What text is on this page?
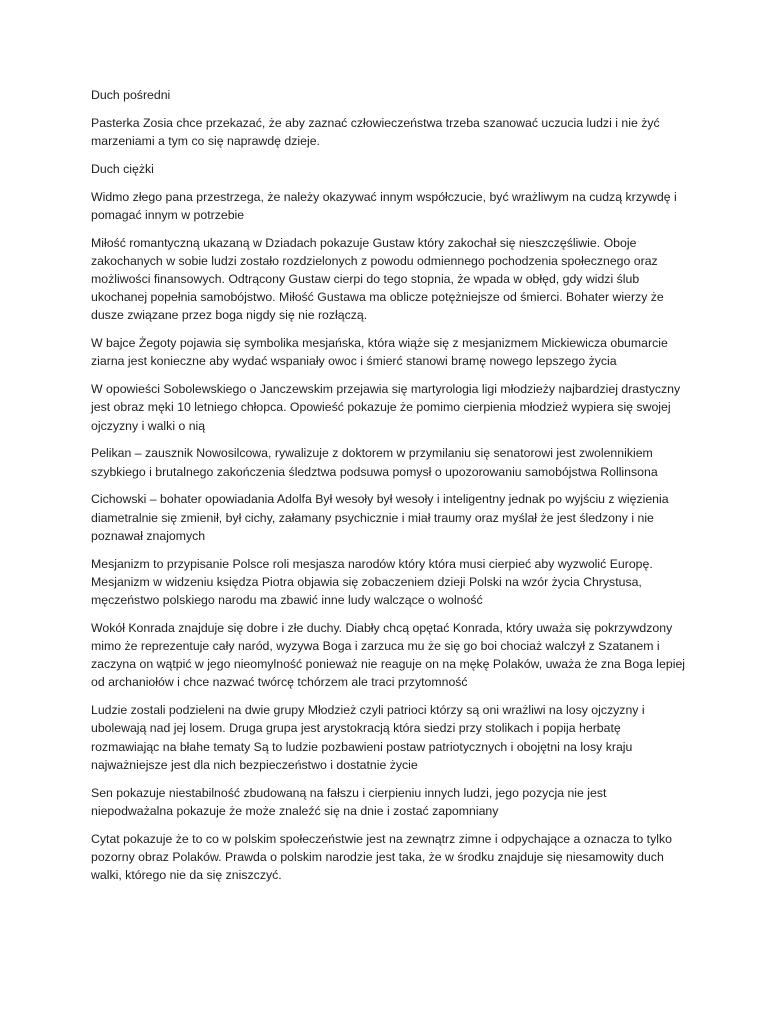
Duch pośredni

Pasterka Zosia chce przekazać, że aby zaznać człowieczeństwa trzeba szanować uczucia ludzi i nie żyć marzeniami a tym co się naprawdę dzieje.

Duch ciężki

Widmo złego pana przestrzega, że należy okazywać innym współczucie, być wrażliwym na cudzą krzywdę i pomagać innym w potrzebie

Miłość romantyczną ukazaną w Dziadach pokazuje Gustaw który zakochał się nieszczęśliwie. Oboje zakochanych w sobie ludzi zostało rozdzielonych z powodu odmiennego pochodzenia społecznego oraz możliwości finansowych. Odtrącony Gustaw cierpi do tego stopnia, że wpada w obłęd, gdy widzi ślub ukochanej popełnia samobójstwo. Miłość Gustawa ma oblicze potężniejsze od śmierci. Bohater wierzy że dusze związane przez boga nigdy się nie rozłączą.

W bajce Żegoty pojawia się symbolika mesjańska, która wiąże się z mesjanizmem Mickiewicza obumarcie ziarna jest konieczne aby wydać wspaniały owoc i śmierć stanowi bramę nowego lepszego życia

W opowieści Sobolewskiego o Janczewskim przejawia się martyrologia ligi młodzieży najbardziej drastyczny jest obraz męki 10 letniego chłopca. Opowieść pokazuje że pomimo cierpienia młodzież wypiera się swojej ojczyzny i walki o nią

Pelikan – zausznik Nowosilcowa, rywalizuje z doktorem w przymilaniu się senatorowi jest zwolennikiem szybkiego i brutalnego zakończenia śledztwa podsuwa pomysł o upozorowaniu samobójstwa Rollinsona

Cichowski – bohater opowiadania Adolfa Był wesoły był wesoły i inteligentny jednak po wyjściu z więzienia diametralnie się zmienił, był cichy, załamany psychicznie i miał traumy oraz myślał że jest śledzony i nie poznawał znajomych

Mesjanizm to przypisanie Polsce roli mesjasza narodów który która musi cierpieć aby wyzwolić Europę. Mesjanizm w widzeniu księdza Piotra objawia się zobaczeniem dzieji Polski na wzór życia Chrystusa, męczeństwo polskiego narodu ma zbawić inne ludy walczące o wolność

Wokół Konrada znajduje się dobre i złe duchy. Diabły chcą opętać Konrada, który uważa się pokrzywdzony mimo że reprezentuje cały naród, wyzywa Boga i zarzuca mu że się go boi chociaż walczył z Szatanem i zaczyna on wątpić w jego nieomylność ponieważ nie reaguje on na mękę Polaków, uważa że zna Boga lepiej od archaniołów i chce nazwać twórcę tchórzem ale traci przytomność

Ludzie zostali podzieleni na dwie grupy Młodzież czyli patrioci którzy są oni wrażliwi na losy ojczyzny i ubolewają nad jej losem. Druga grupa jest arystokracją która siedzi przy stolikach i popija herbatę rozmawiając na błahe tematy Są to ludzie pozbawieni postaw patriotycznych i obojętni na losy kraju najważniejsze jest dla nich bezpieczeństwo i dostatnie życie

Sen pokazuje niestabilność zbudowaną na fałszu i cierpieniu innych ludzi, jego pozycja nie jest niepodważalna pokazuje że może znaleźć się na dnie i zostać zapomniany

Cytat pokazuje że to co w polskim społeczeństwie jest na zewnątrz zimne i odpychające a oznacza to tylko pozorny obraz Polaków. Prawda o polskim narodzie jest taka, że w środku znajduje się niesamowity duch walki, którego nie da się zniszczyć.
